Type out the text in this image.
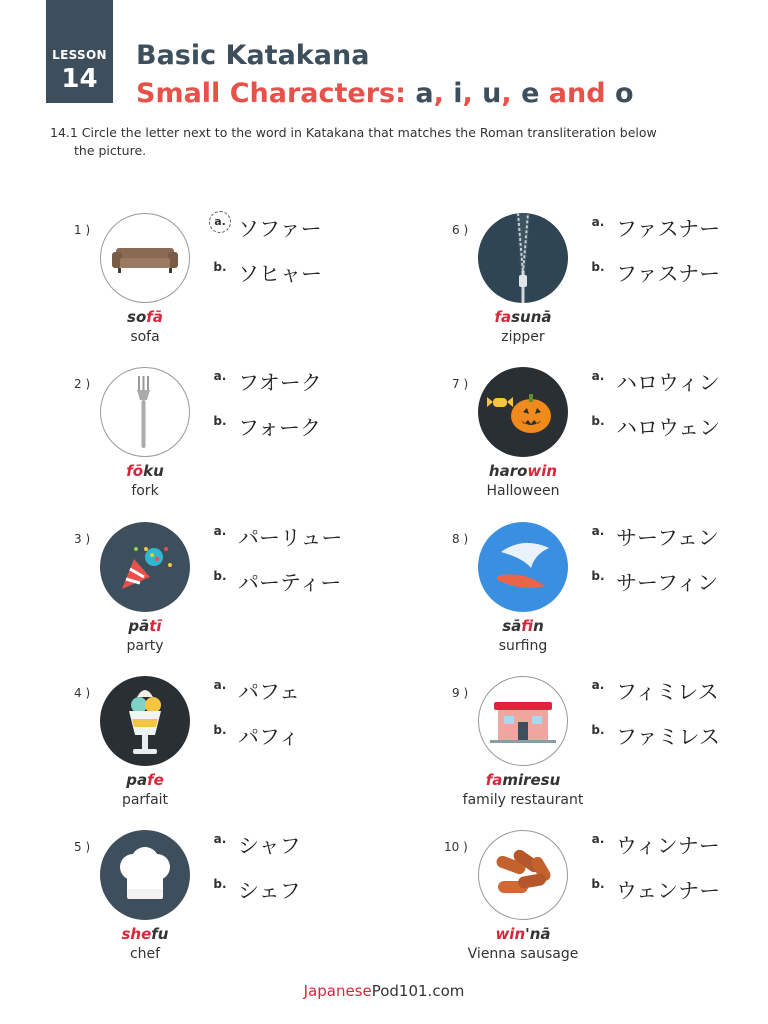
LESSON
14
Basic Katakana
Small Characters: a, i, u, e and o
14.1 Circle the letter next to the word in Katakana that matches the Roman transliteration below
the picture.
1 )
sofā
sofa
a. ソファー
b. ソヒャー
2 )
fōku
fork
a. フオーク
b. フォーク
3 )
pātī
party
a. パーリュー
b. パーティー
4 )
pafe
parfait
a. パフェ
b. パフィ
5 )
shefu
chef
a. シャフ
b. シェフ
6 )
fasunā
zipper
a. ファスナー
b. ファスナー
7 )
harowin
Halloween
a. ハロウィン
b. ハロウェン
8 )
sāfin
surfing
a. サーフェン
b. サーフィン
9 )
famiresu
family restaurant
a. フィミレス
b. ファミレス
10 )
win'nā
Vienna sausage
a. ウィンナー
b. ウェンナー
JapanesePod101.com
